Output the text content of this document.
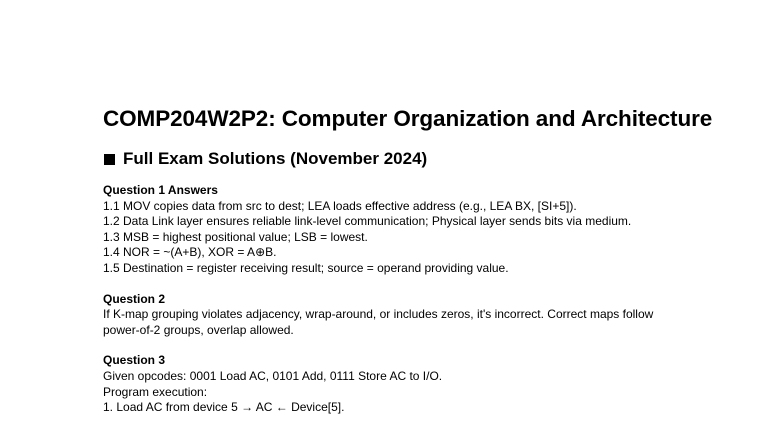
COMP204W2P2: Computer Organization and Architecture
Full Exam Solutions (November 2024)
Question 1 Answers
1.1 MOV copies data from src to dest; LEA loads effective address (e.g., LEA BX, [SI+5]).
1.2 Data Link layer ensures reliable link-level communication; Physical layer sends bits via medium.
1.3 MSB = highest positional value; LSB = lowest.
1.4 NOR = ~(A+B), XOR = A⊕B.
1.5 Destination = register receiving result; source = operand providing value.
Question 2
If K-map grouping violates adjacency, wrap-around, or includes zeros, it's incorrect. Correct maps follow power-of-2 groups, overlap allowed.
Question 3
Given opcodes: 0001 Load AC, 0101 Add, 0111 Store AC to I/O.
Program execution:
1. Load AC from device 5 → AC ← Device[5].
